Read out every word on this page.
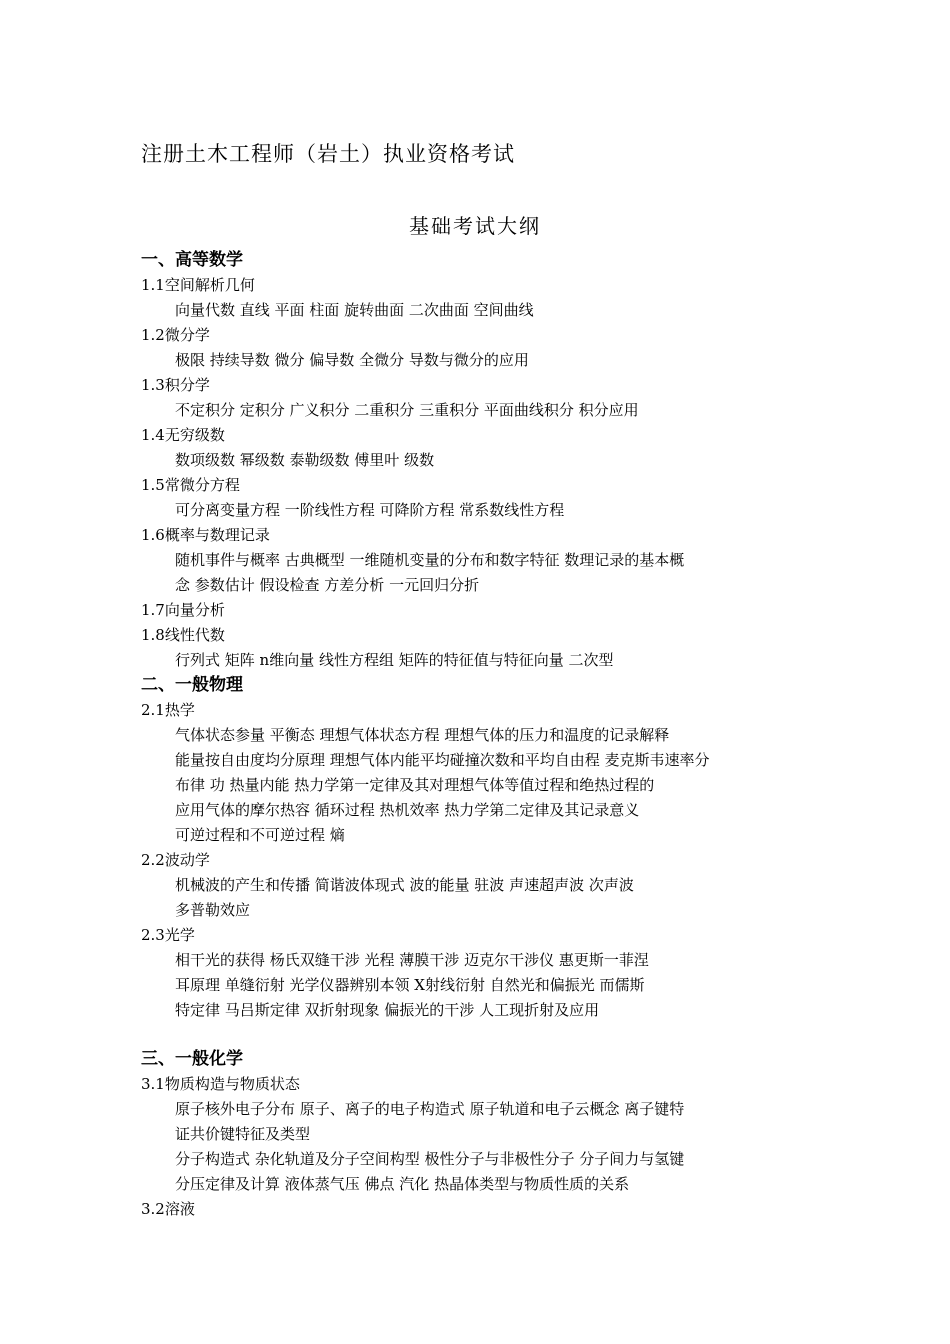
注册土木工程师（岩土）执业资格考试
基础考试大纲
一、高等数学
1.1空间解析几何
向量代数 直线 平面 柱面 旋转曲面 二次曲面 空间曲线
1.2微分学
极限 持续导数 微分 偏导数 全微分 导数与微分的应用
1.3积分学
不定积分 定积分 广义积分 二重积分 三重积分 平面曲线积分 积分应用
1.4无穷级数
数项级数 幂级数 泰勒级数 傅里叶 级数
1.5常微分方程
可分离变量方程 一阶线性方程 可降阶方程 常系数线性方程
1.6概率与数理记录
随机事件与概率 古典概型 一维随机变量的分布和数字特征 数理记录的基本概
念 参数估计 假设检查 方差分析 一元回归分折
1.7向量分析
1.8线性代数
行列式 矩阵 n维向量 线性方程组 矩阵的特征值与特征向量 二次型
二、一般物理
2.1热学
气体状态参量 平衡态 理想气体状态方程 理想气体的压力和温度的记录解释
能量按自由度均分原理 理想气体内能平均碰撞次数和平均自由程 麦克斯韦速率分
布律 功 热量内能 热力学第一定律及其对理想气体等值过程和绝热过程的
应用气体的摩尔热容 循环过程 热机效率 热力学第二定律及其记录意义
可逆过程和不可逆过程 熵
2.2波动学
机械波的产生和传播 简谐波体现式 波的能量 驻波 声速超声波 次声波
多普勒效应
2.3光学
相干光的获得 杨氏双缝干涉 光程 薄膜干涉 迈克尔干涉仪 惠更斯一菲涅
耳原理 单缝衍射 光学仪器辨别本领 X射线衍射 自然光和偏振光 而儒斯
特定律 马吕斯定律 双折射现象 偏振光的干涉 人工现折射及应用
三、一般化学
3.1物质构造与物质状态
原子核外电子分布 原子、离子的电子构造式 原子轨道和电子云概念 离子键特
证共价键特征及类型
分子构造式 杂化轨道及分子空间构型 极性分子与非极性分子 分子间力与氢键
分压定律及计算 液体蒸气压 佛点 汽化 热晶体类型与物质性质的关系
3.2溶液
